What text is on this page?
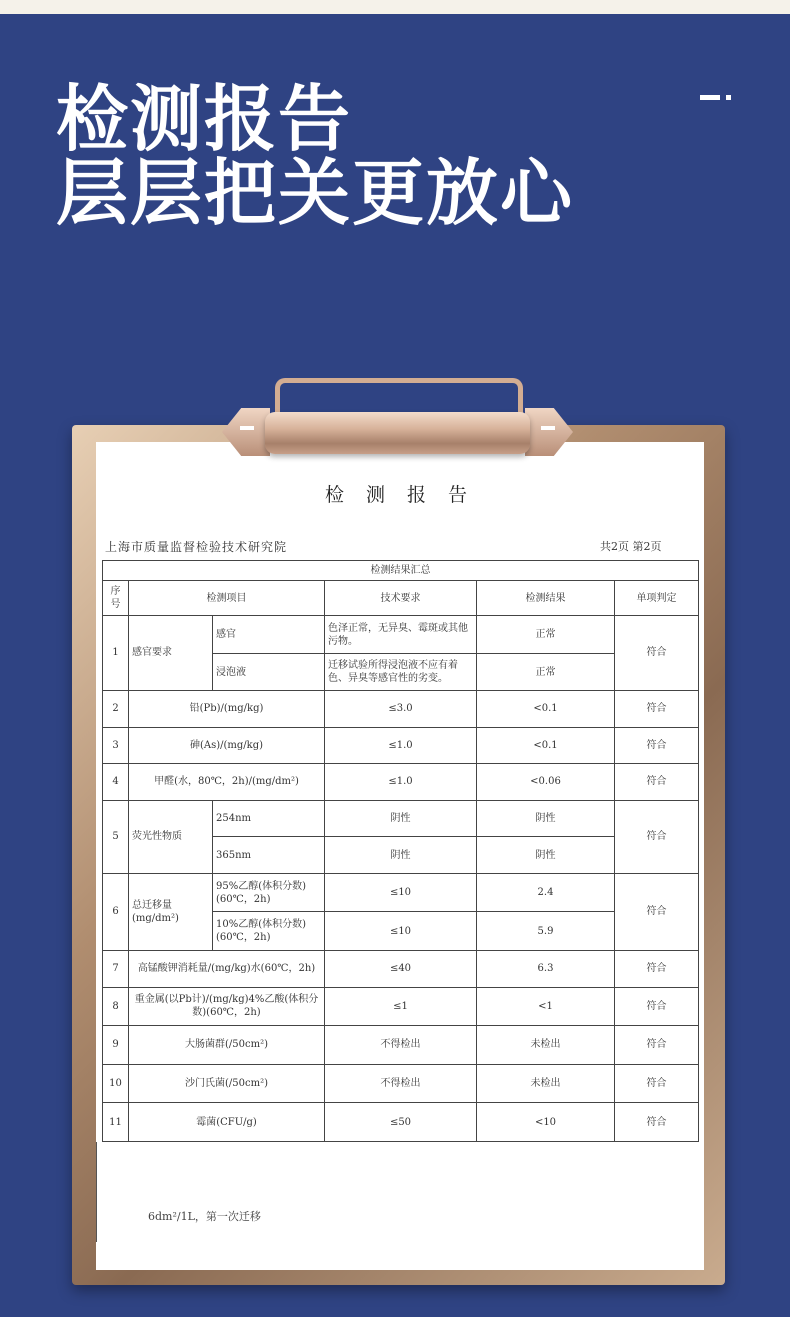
检测报告
层层把关更放心
检 测 报 告
上海市质量监督检验技术研究院	共2页 第2页
检测结果汇总					
序号	检测项目		技术要求	检测结果	单项判定
1	感官要求	感官	色泽正常，无异臭、霉斑或其他污物。	正常	符合
		浸泡液	迁移试验所得浸泡液不应有着色、异臭等感官性的劣变。	正常	
2	铅(Pb)/(mg/kg)		≤3.0	<0.1	符合
3	砷(As)/(mg/kg)		≤1.0	<0.1	符合
4	甲醛(水，80℃，2h)/(mg/dm²)		≤1.0	<0.06	符合
5	荧光性物质	254nm	阴性	阴性	符合
		365nm	阴性	阴性	
6	总迁移量(mg/dm²)	95%乙醇(体积分数)(60℃，2h)	≤10	2.4	符合
		10%乙醇(体积分数)(60℃，2h)	≤10	5.9	
7	高锰酸钾消耗量/(mg/kg)水(60℃，2h)		≤40	6.3	符合
8	重金属(以Pb计)/(mg/kg)4%乙酸(体积分数)(60℃，2h)		≤1	<1	符合
9	大肠菌群(/50cm²)		不得检出	未检出	符合
10	沙门氏菌(/50cm²)		不得检出	未检出	符合
11	霉菌(CFU/g)		≤50	<10	符合
6dm²/1L，第一次迁移
